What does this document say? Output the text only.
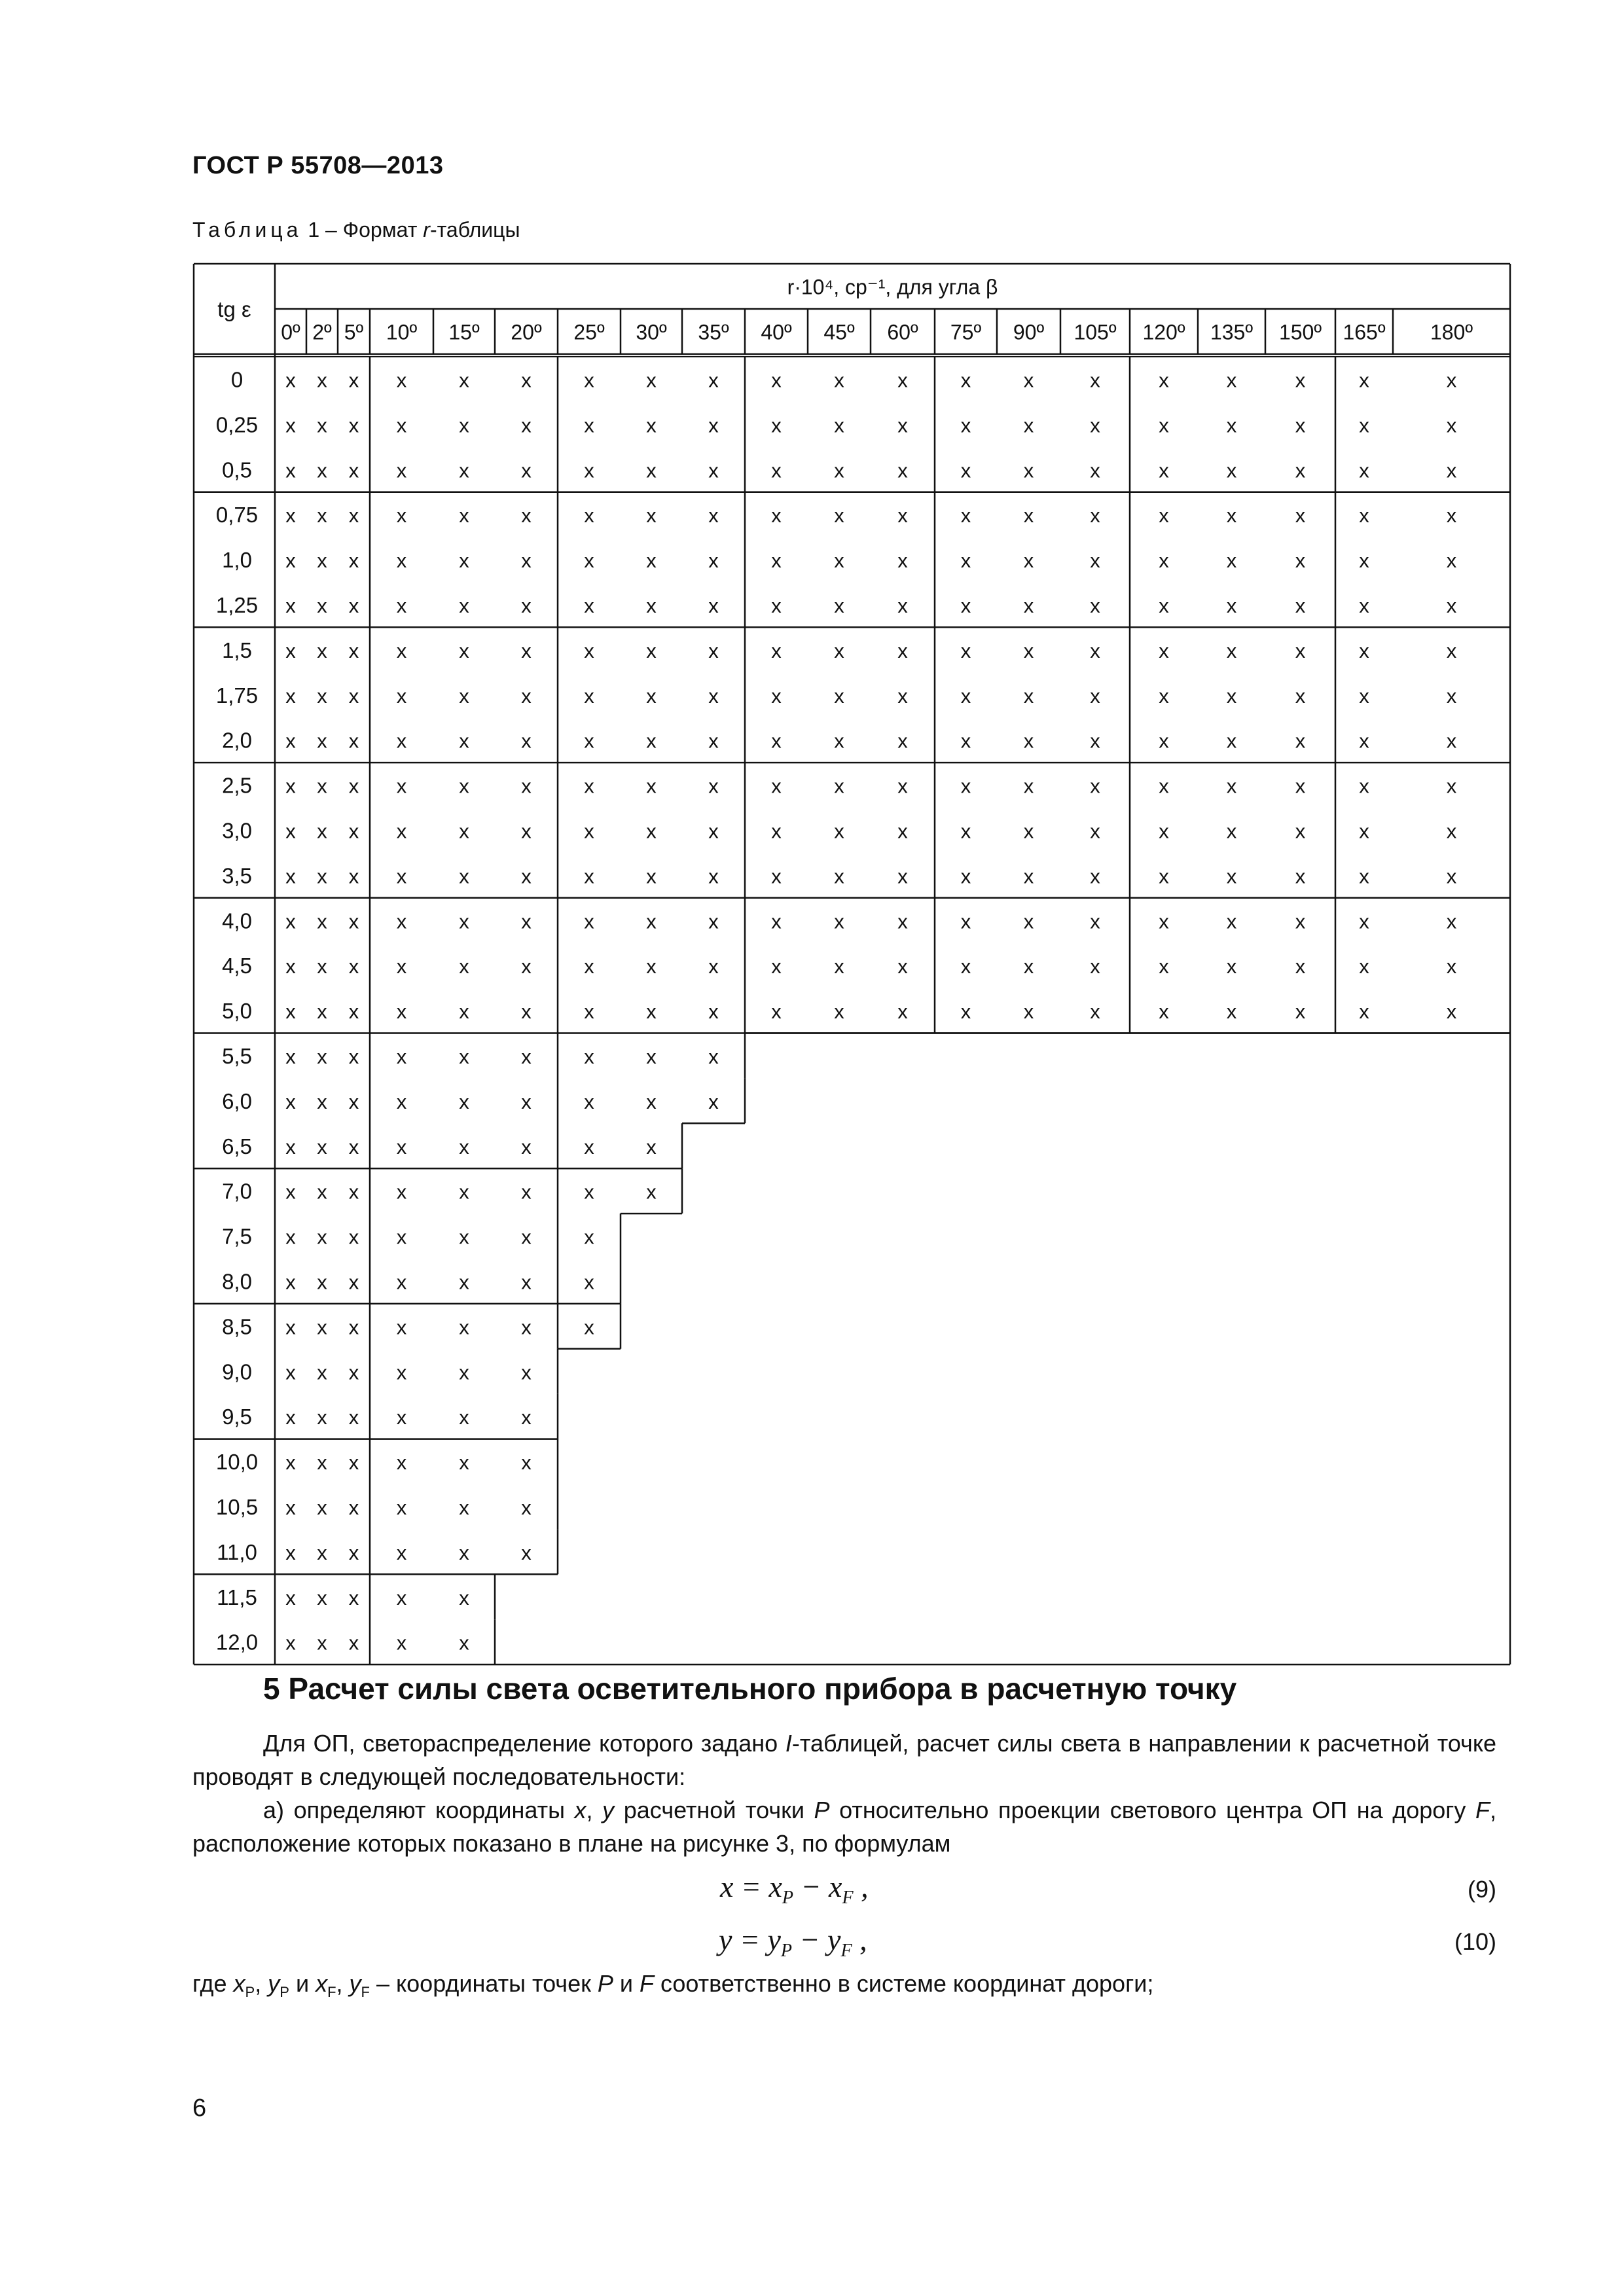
ГОСТ Р 55708—2013
Таблица 1 – Формат r-таблицы
tg ε
r·10⁴, ср⁻¹, для угла β
0º 2º 5º 10º 15º 20º 25º 30º 35º 40º 45º 60º 75º 90º 105º 120º 135º 150º 165º 180º
0 x x x x	x	x	x	x	x	x	x	x	x	x	x	x	x	x	x	x
0,25 x x x x	x	x	x	x	x	x	x	x	x	x	x	x	x	x	x	x
0,5 x x x x	x	x	x	x	x	x	x	x	x	x	x	x	x	x	x	x
0,75 x x x x	x	x	x	x	x	x	x	x	x	x	x	x	x	x	x	x
1,0 x x x x	x	x	x	x	x	x	x	x	x	x	x	x	x	x	x	x
1,25 x x x x	x	x	x	x	x	x	x	x	x	x	x	x	x	x	x	x
1,5 x x x x	x	x	x	x	x	x	x	x	x	x	x	x	x	x	x	x
1,75 x x x x	x	x	x	x	x	x	x	x	x	x	x	x	x	x	x	x
2,0 x x x x	x	x	x	x	x	x	x	x	x	x	x	x	x	x	x	x
2,5 x x x x	x	x	x	x	x	x	x	x	x	x	x	x	x	x	x	x
3,0 x x x x	x	x	x	x	x	x	x	x	x	x	x	x	x	x	x	x
3,5 x x x x	x	x	x	x	x	x	x	x	x	x	x	x	x	x	x	x
4,0 x x x x	x	x	x	x	x	x	x	x	x	x	x	x	x	x	x	x
4,5 x x x x	x	x	x	x	x	x	x	x	x	x	x	x	x	x	x	x
5,0 x x x x	x	x	x	x	x	x	x	x	x	x	x	x	x	x	x	x
5,5 x x x x	x	x	x	x	x
6,0 x x x x	x	x	x	x	x
6,5 x x x x	x	x	x	x
7,0 x x x x	x	x	x	x
7,5 x x x x	x	x	x
8,0 x x x x	x	x	x
8,5 x x x x	x	x	x
9,0 x x x x	x	x
9,5 x x x x	x	x
10,0 x x x x	x	x
10,5 x x x x	x	x
11,0 x x x x	x	x
11,5 x x x x	x
12,0 x x x x	x
5 Расчет силы света осветительного прибора в расчетную точку
Для ОП, светораспределение которого задано I-таблицей, расчет силы света в направлении к расчетной точке проводят в следующей последовательности:
а) определяют координаты x, y расчетной точки P относительно проекции светового центра ОП на дорогу F, расположение которых показано в плане на рисунке 3, по формулам
$x = x_P - x_F$ ,	(9)
$y = y_P - y_F$ ,	(10)
где $x_P$, $y_P$ и $x_F$, $y_F$ – координаты точек P и F соответственно в системе координат дороги;
6
